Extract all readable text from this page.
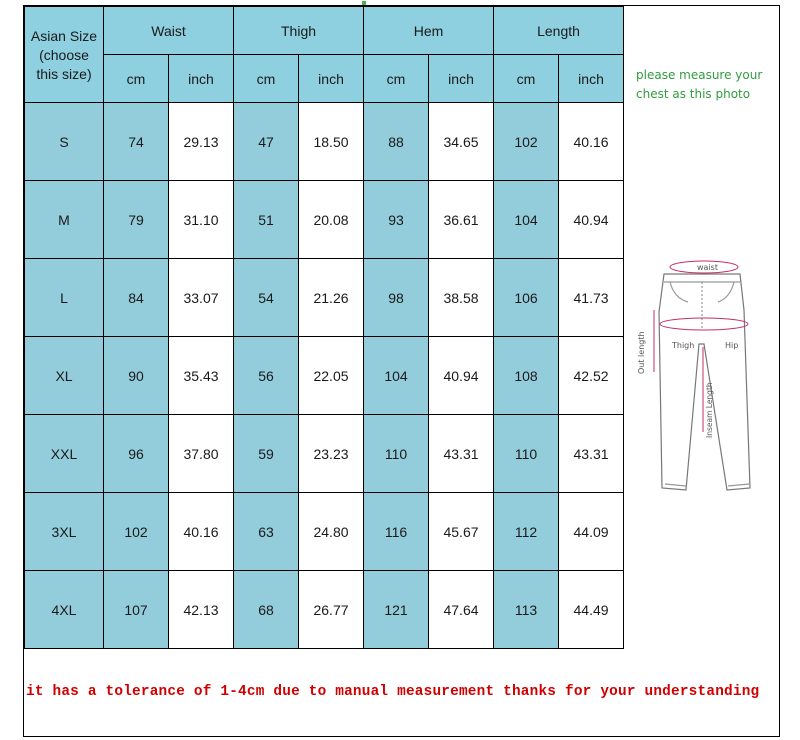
Asian Size
(choose
this size)	Waist		Thigh		Hem		Length	
	cm	inch	cm	inch	cm	inch	cm	inch
S	74	29.13	47	18.50	88	34.65	102	40.16
M	79	31.10	51	20.08	93	36.61	104	40.94
L	84	33.07	54	21.26	98	38.58	106	41.73
XL	90	35.43	56	22.05	104	40.94	108	42.52
XXL	96	37.80	59	23.23	110	43.31	110	43.31
3XL	102	40.16	63	24.80	116	45.67	112	44.09
4XL	107	42.13	68	26.77	121	47.64	113	44.49
please measure your
chest as this photo
waist
Thigh	Hip
Out length
Inseam Length
it has a tolerance of 1-4cm due to manual measurement thanks for your understanding
